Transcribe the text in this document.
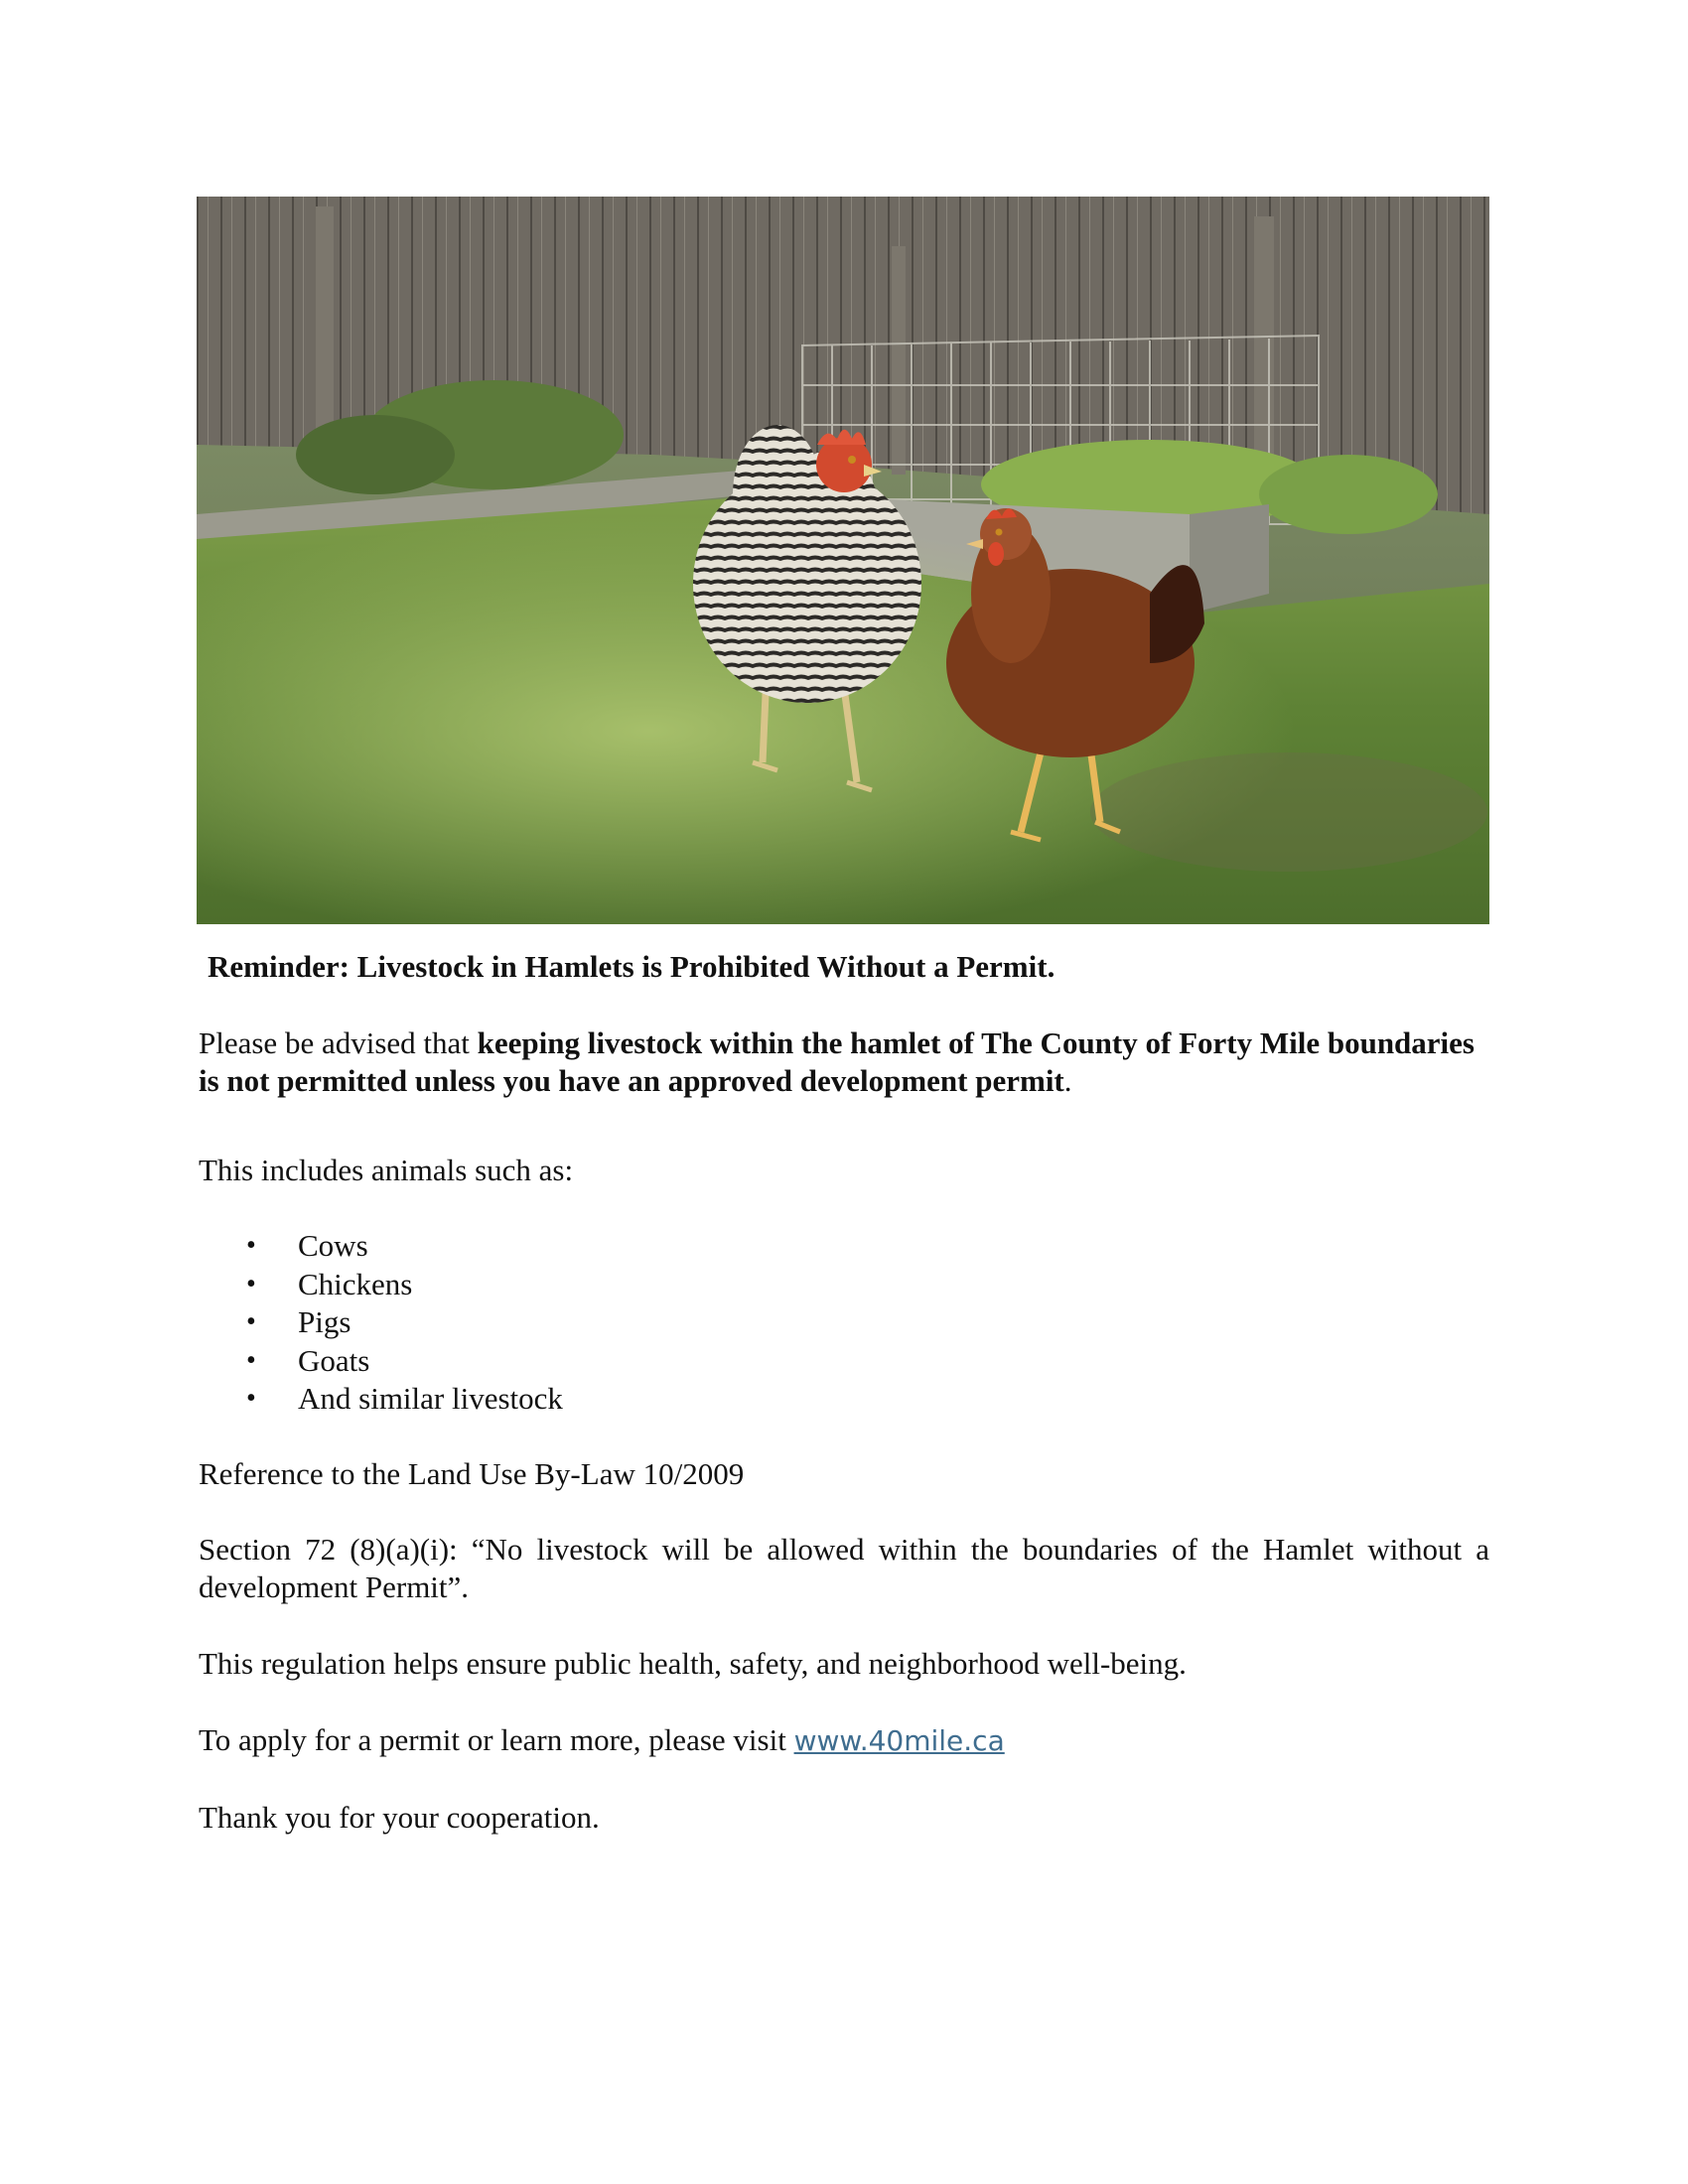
Reminder: Livestock in Hamlets is Prohibited Without a Permit.

Please be advised that keeping livestock within the hamlet of The County of Forty Mile boundaries is not permitted unless you have an approved development permit.

This includes animals such as:

• Cows
• Chickens
• Pigs
• Goats
• And similar livestock

Reference to the Land Use By-Law 10/2009

Section 72 (8)(a)(i): “No livestock will be allowed within the boundaries of the Hamlet without a development Permit”.

This regulation helps ensure public health, safety, and neighborhood well-being.

To apply for a permit or learn more, please visit www.40mile.ca

Thank you for your cooperation.
